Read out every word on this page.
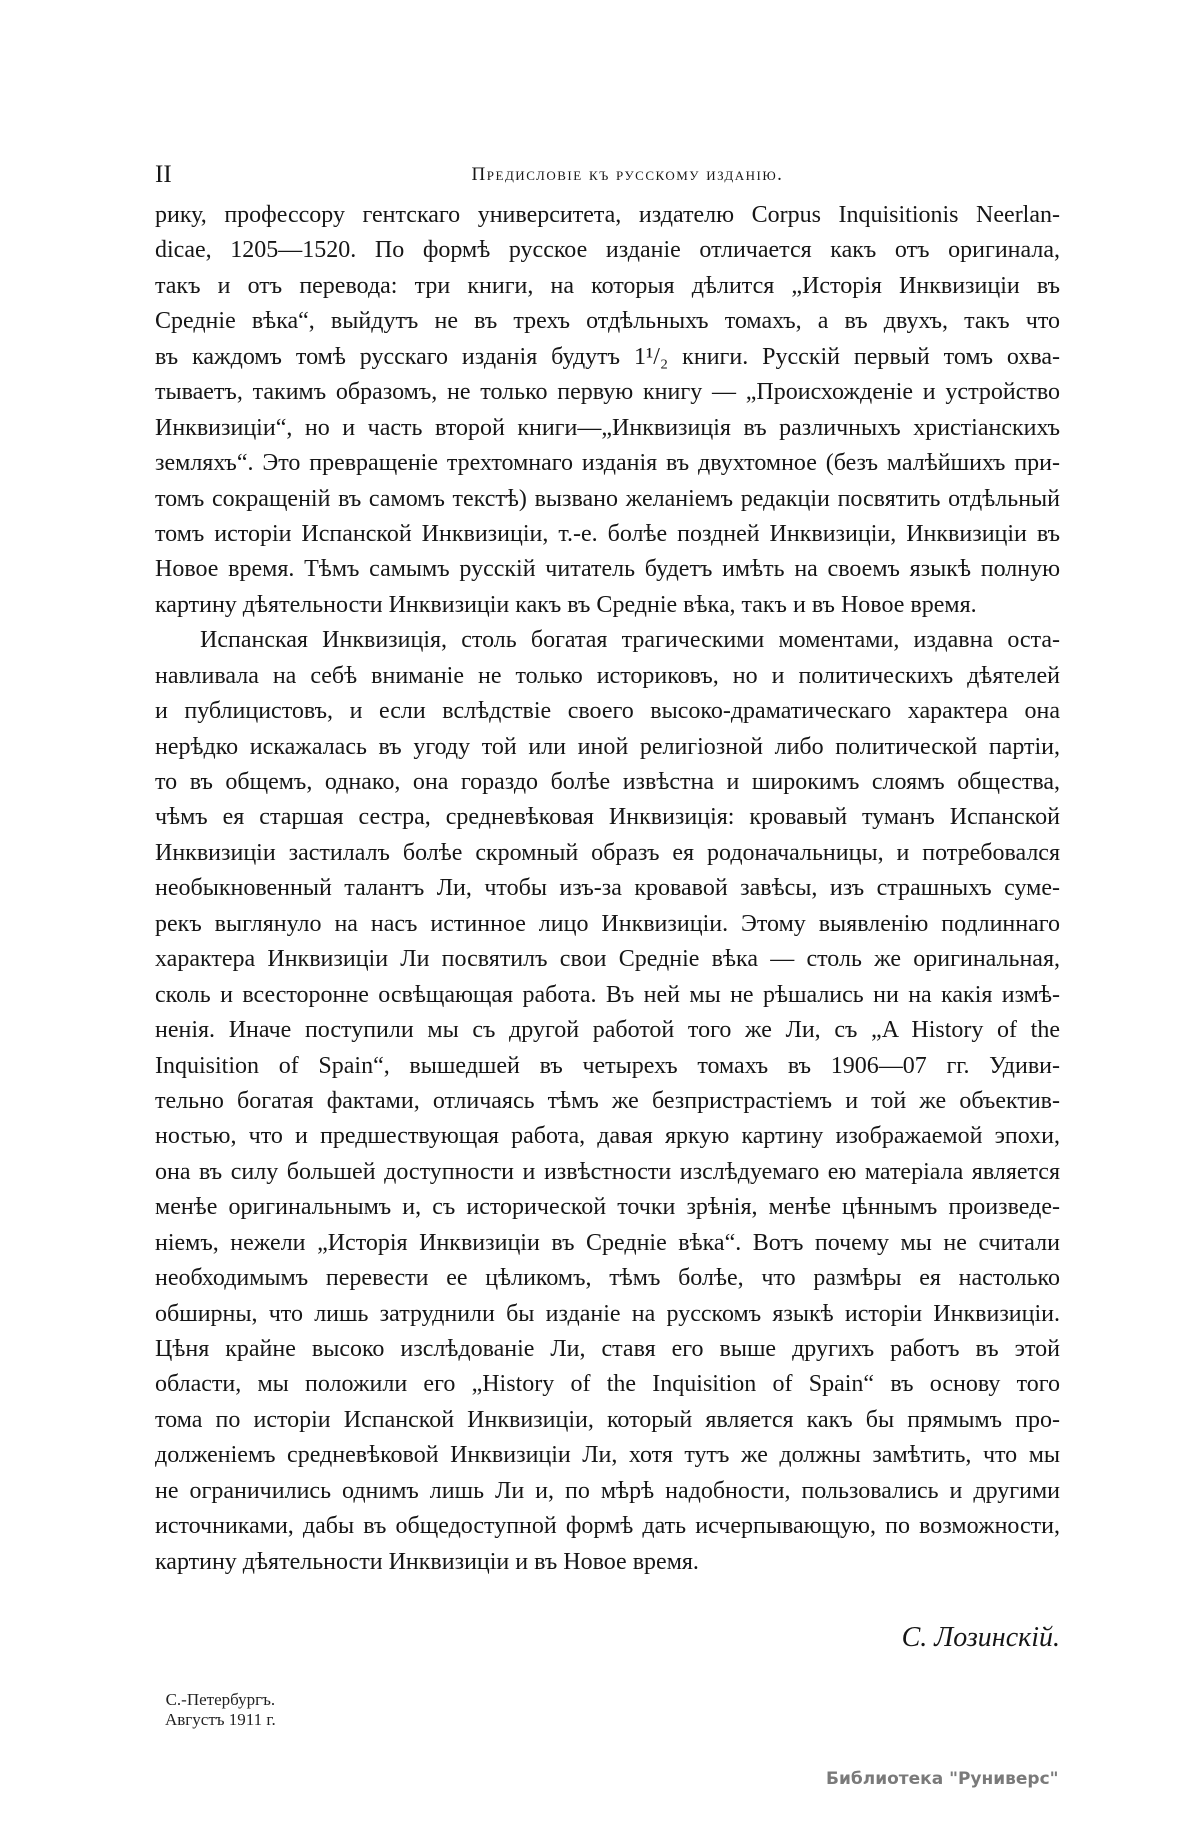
II	Предисловіе къ русскому изданію.
рику, профессору гентскаго университета, издателю Corpus Inquisitionis Neerlan-
dicae, 1205—1520. По формѣ русское изданіе отличается какъ отъ оригинала,
такъ и отъ перевода: три книги, на которыя дѣлится „Исторія Инквизиціи въ
Средніе вѣка“, выйдутъ не въ трехъ отдѣльныхъ томахъ, а въ двухъ, такъ что
въ каждомъ томѣ русскаго изданія будутъ 1¹/₂ книги. Русскій первый томъ охва-
тываетъ, такимъ образомъ, не только первую книгу — „Происхожденіе и устройство
Инквизиціи“, но и часть второй книги—„Инквизиція въ различныхъ христіанскихъ
земляхъ“. Это превращеніе трехтомнаго изданія въ двухтомное (безъ малѣйшихъ при-
томъ сокращеній въ самомъ текстѣ) вызвано желаніемъ редакціи посвятить отдѣльный
томъ исторіи Испанской Инквизиціи, т.-е. болѣе поздней Инквизиціи, Инквизиціи въ
Новое время. Тѣмъ самымъ русскій читатель будетъ имѣть на своемъ языкѣ полную
картину дѣятельности Инквизиціи какъ въ Средніе вѣка, такъ и въ Новое время.
Испанская Инквизиція, столь богатая трагическими моментами, издавна оста-
навливала на себѣ вниманіе не только историковъ, но и политическихъ дѣятелей
и публицистовъ, и если вслѣдствіе своего высоко-драматическаго характера она
нерѣдко искажалась въ угоду той или иной религіозной либо политической партіи,
то въ общемъ, однако, она гораздо болѣе извѣстна и широкимъ слоямъ общества,
чѣмъ ея старшая сестра, средневѣковая Инквизиція: кровавый туманъ Испанской
Инквизиціи застилалъ болѣе скромный образъ ея родоначальницы, и потребовался
необыкновенный талантъ Ли, чтобы изъ-за кровавой завѣсы, изъ страшныхъ суме-
рекъ выглянуло на насъ истинное лицо Инквизиціи. Этому выявленію подлиннаго
характера Инквизиціи Ли посвятилъ свои Средніе вѣка — столь же оригинальная,
сколь и всесторонне освѣщающая работа. Въ ней мы не рѣшались ни на какія измѣ-
ненія. Иначе поступили мы съ другой работой того же Ли, съ „A History of the
Inquisition of Spain“, вышедшей въ четырехъ томахъ въ 1906—07 гг. Удиви-
тельно богатая фактами, отличаясь тѣмъ же безпристрастіемъ и той же объектив-
ностью, что и предшествующая работа, давая яркую картину изображаемой эпохи,
она въ силу большей доступности и извѣстности изслѣдуемаго ею матеріала является
менѣе оригинальнымъ и, съ исторической точки зрѣнія, менѣе цѣннымъ произведе-
ніемъ, нежели „Исторія Инквизиціи въ Средніе вѣка“. Вотъ почему мы не считали
необходимымъ перевести ее цѣликомъ, тѣмъ болѣе, что размѣры ея настолько
обширны, что лишь затруднили бы изданіе на русскомъ языкѣ исторіи Инквизиціи.
Цѣня крайне высоко изслѣдованіе Ли, ставя его выше другихъ работъ въ этой
области, мы положили его „History of the Inquisition of Spain“ въ основу того
тома по исторіи Испанской Инквизиціи, который является какъ бы прямымъ про-
долженіемъ средневѣковой Инквизиціи Ли, хотя тутъ же должны замѣтить, что мы
не ограничились однимъ лишь Ли и, по мѣрѣ надобности, пользовались и другими
источниками, дабы въ общедоступной формѣ дать исчерпывающую, по возможности,
картину дѣятельности Инквизиціи и въ Новое время.
С. Лозинскій.
С.-Петербургъ.
Августъ 1911 г.
Библиотека "Руниверс"
